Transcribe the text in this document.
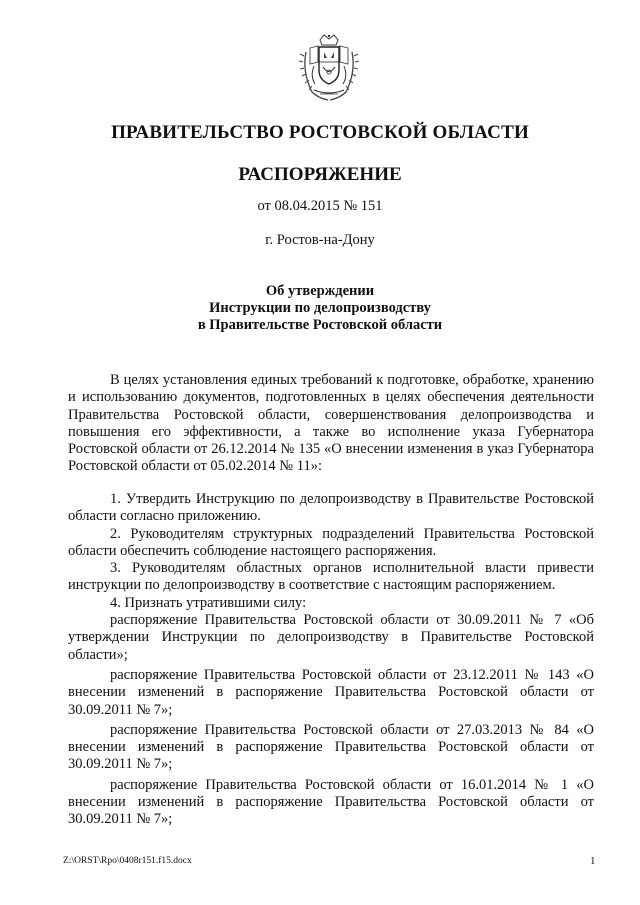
ПРАВИТЕЛЬСТВО РОСТОВСКОЙ ОБЛАСТИ
РАСПОРЯЖЕНИЕ
от 08.04.2015 № 151
г. Ростов-на-Дону
Об утверждении
Инструкции по делопроизводству
в Правительстве Ростовской области

В целях установления единых требований к подготовке, обработке, хранению и использованию документов, подготовленных в целях обеспечения деятельности Правительства Ростовской области, совершенствования делопроизводства и повышения его эффективности, а также во исполнение указа Губернатора Ростовской области от 26.12.2014 № 135 «О внесении изменения в указ Губернатора Ростовской области от 05.02.2014 № 11»:

1. Утвердить Инструкцию по делопроизводству в Правительстве Ростовской области согласно приложению.

2. Руководителям структурных подразделений Правительства Ростовской области обеспечить соблюдение настоящего распоряжения.

3. Руководителям областных органов исполнительной власти привести инструкции по делопроизводству в соответствие с настоящим распоряжением.

4. Признать утратившими силу:

распоряжение Правительства Ростовской области от 30.09.2011 № 7 «Об утверждении Инструкции по делопроизводству в Правительстве Ростовской области»;

распоряжение Правительства Ростовской области от 23.12.2011 № 143 «О внесении изменений в распоряжение Правительства Ростовской области от 30.09.2011 № 7»;

распоряжение Правительства Ростовской области от 27.03.2013 № 84 «О внесении изменений в распоряжение Правительства Ростовской области от 30.09.2011 № 7»;

распоряжение Правительства Ростовской области от 16.01.2014 № 1 «О внесении изменений в распоряжение Правительства Ростовской области от 30.09.2011 № 7»;

Z:\ORST\Rpo\0408r151.f15.docx	1
